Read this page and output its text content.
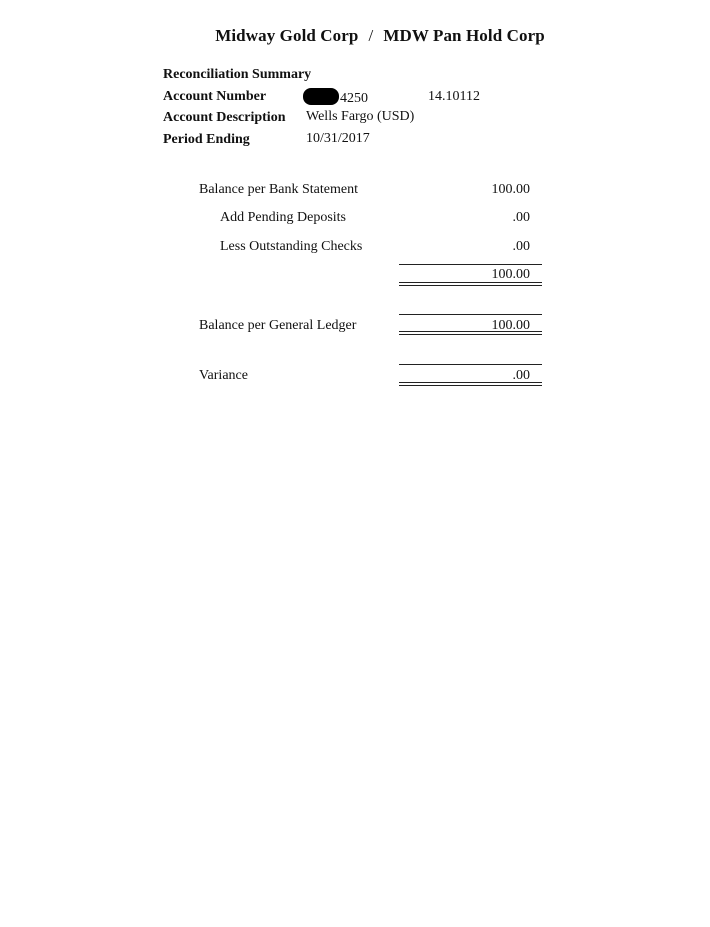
Midway Gold Corp / MDW Pan Hold Corp
Reconciliation Summary
Account Number	4250	14.10112
Account Description Wells Fargo (USD)
Period Ending	10/31/2017
Balance per Bank Statement	100.00
Add Pending Deposits	.00
Less Outstanding Checks	.00
100.00
Balance per General Ledger	100.00
Variance	.00
